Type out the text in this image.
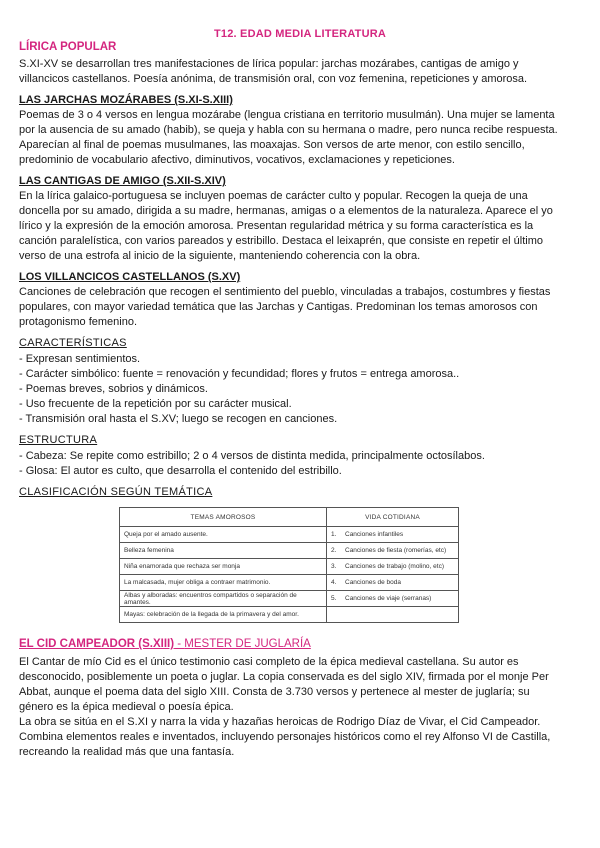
T12. EDAD MEDIA LITERATURA
LÍRICA POPULAR

S.XI-XV se desarrollan tres manifestaciones de lírica popular: jarchas mozárabes, cantigas de amigo y villancicos castellanos. Poesía anónima, de transmisión oral, con voz femenina, repeticiones y amorosa.

LAS JARCHAS MOZÁRABES (S.XI-S.XIII)

Poemas de 3 o 4 versos en lengua mozárabe (lengua cristiana en territorio musulmán). Una mujer se lamenta por la ausencia de su amado (habib), se queja y habla con su hermana o madre, pero nunca recibe respuesta. Aparecían al final de poemas musulmanes, las moaxajas. Son versos de arte menor, con estilo sencillo, predominio de vocabulario afectivo, diminutivos, vocativos, exclamaciones y repeticiones.

LAS CANTIGAS DE AMIGO (S.XII-S.XIV)

En la lírica galaico-portuguesa se incluyen poemas de carácter culto y popular. Recogen la queja de una doncella por su amado, dirigida a su madre, hermanas, amigas o a elementos de la naturaleza. Aparece el yo lírico y la expresión de la emoción amorosa. Presentan regularidad métrica y su forma característica es la canción paralelística, con varios pareados y estribillo. Destaca el leixaprén, que consiste en repetir el último verso de una estrofa al inicio de la siguiente, manteniendo coherencia con la obra.

LOS VILLANCICOS CASTELLANOS (S.XV)

Canciones de celebración que recogen el sentimiento del pueblo, vinculadas a trabajos, costumbres y fiestas populares, con mayor variedad temática que las Jarchas y Cantigas. Predominan los temas amorosos con protagonismo femenino.

CARACTERÍSTICAS
- Expresan sentimientos.
- Carácter simbólico: fuente = renovación y fecundidad; flores y frutos = entrega amorosa..
- Poemas breves, sobrios y dinámicos.
- Uso frecuente de la repetición por su carácter musical.
- Transmisión oral hasta el S.XV; luego se recogen en canciones.
ESTRUCTURA
- Cabeza: Se repite como estribillo; 2 o 4 versos de distinta medida, principalmente octosílabos.
- Glosa: El autor es culto, que desarrolla el contenido del estribillo.
CLASIFICACIÓN SEGÚN TEMÁTICA
TEMAS AMOROSOS	VIDA COTIDIANA
Queja por el amado ausente.	1. Canciones infantiles
Belleza femenina	2. Canciones de fiesta (romerías, etc)
Niña enamorada que rechaza ser monja	3. Canciones de trabajo (molino, etc)
La malcasada, mujer obliga a contraer matrimonio.	4. Canciones de boda
Albas y alboradas: encuentros compartidos o separación de amantes.	5. Canciones de viaje (serranas)
Mayas: celebración de la llegada de la primavera y del amor.	
EL CID CAMPEADOR (S.XIII) - MESTER DE JUGLARÍA

El Cantar de mío Cid es el único testimonio casi completo de la épica medieval castellana. Su autor es desconocido, posiblemente un poeta o juglar. La copia conservada es del siglo XIV, firmada por el monje Per Abbat, aunque el poema data del siglo XIII. Consta de 3.730 versos y pertenece al mester de juglaría; su género es la épica medieval o poesía épica.

La obra se sitúa en el S.XI y narra la vida y hazañas heroicas de Rodrigo Díaz de Vivar, el Cid Campeador. Combina elementos reales e inventados, incluyendo personajes históricos como el rey Alfonso VI de Castilla, recreando la realidad más que una fantasía.
